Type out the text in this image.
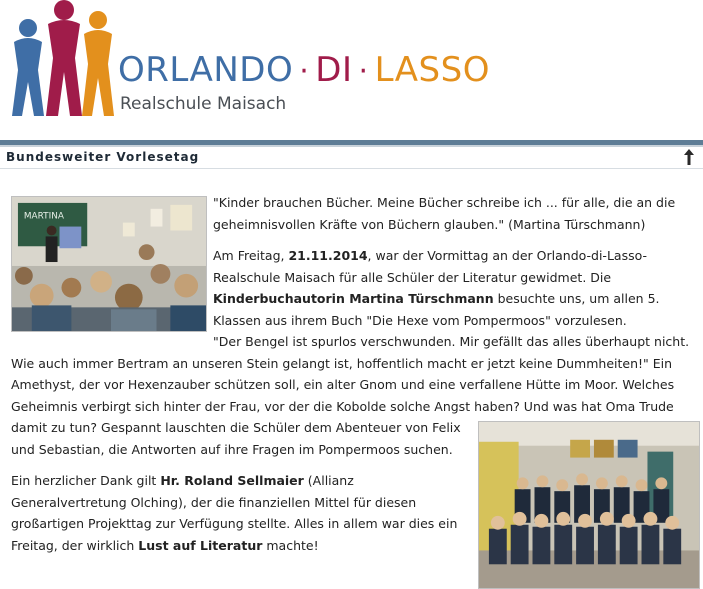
ORLANDO · DI · LASSO
Realschule Maisach
Bundesweiter Vorlesetag
MARTINA

"Kinder brauchen Bücher. Meine Bücher schreibe ich ... für alle, die an die geheimnisvollen Kräfte von Büchern glauben." (Martina Türschmann)

Am Freitag, 21.11.2014, war der Vormittag an der Orlando-di-Lasso-Realschule Maisach für alle Schüler der Literatur gewidmet. Die Kinderbuchautorin Martina Türschmann besuchte uns, um allen 5. Klassen aus ihrem Buch "Die Hexe vom Pompermoos" vorzulesen.
"Der Bengel ist spurlos verschwunden. Mir gefällt das alles überhaupt nicht. Wie auch immer Bertram an unseren Stein gelangt ist, hoffentlich macht er jetzt keine Dummheiten!" Ein Amethyst, der vor Hexenzauber schützen soll, ein alter Gnom und eine verfallene Hütte im Moor. Welches Geheimnis verbirgt sich hinter der Frau, vor der die Kobolde solche Angst haben? Und was hat Oma Trude damit zu tun? Gespannt lauschten die Schüler dem Abenteuer von Felix und Sebastian, die Antworten auf ihre Fragen im Pompermoos suchen.

Ein herzlicher Dank gilt Hr. Roland Sellmaier (Allianz Generalvertretung Olching), der die finanziellen Mittel für diesen großartigen Projekttag zur Verfügung stellte. Alles in allem war dies ein Freitag, der wirklich Lust auf Literatur machte!
